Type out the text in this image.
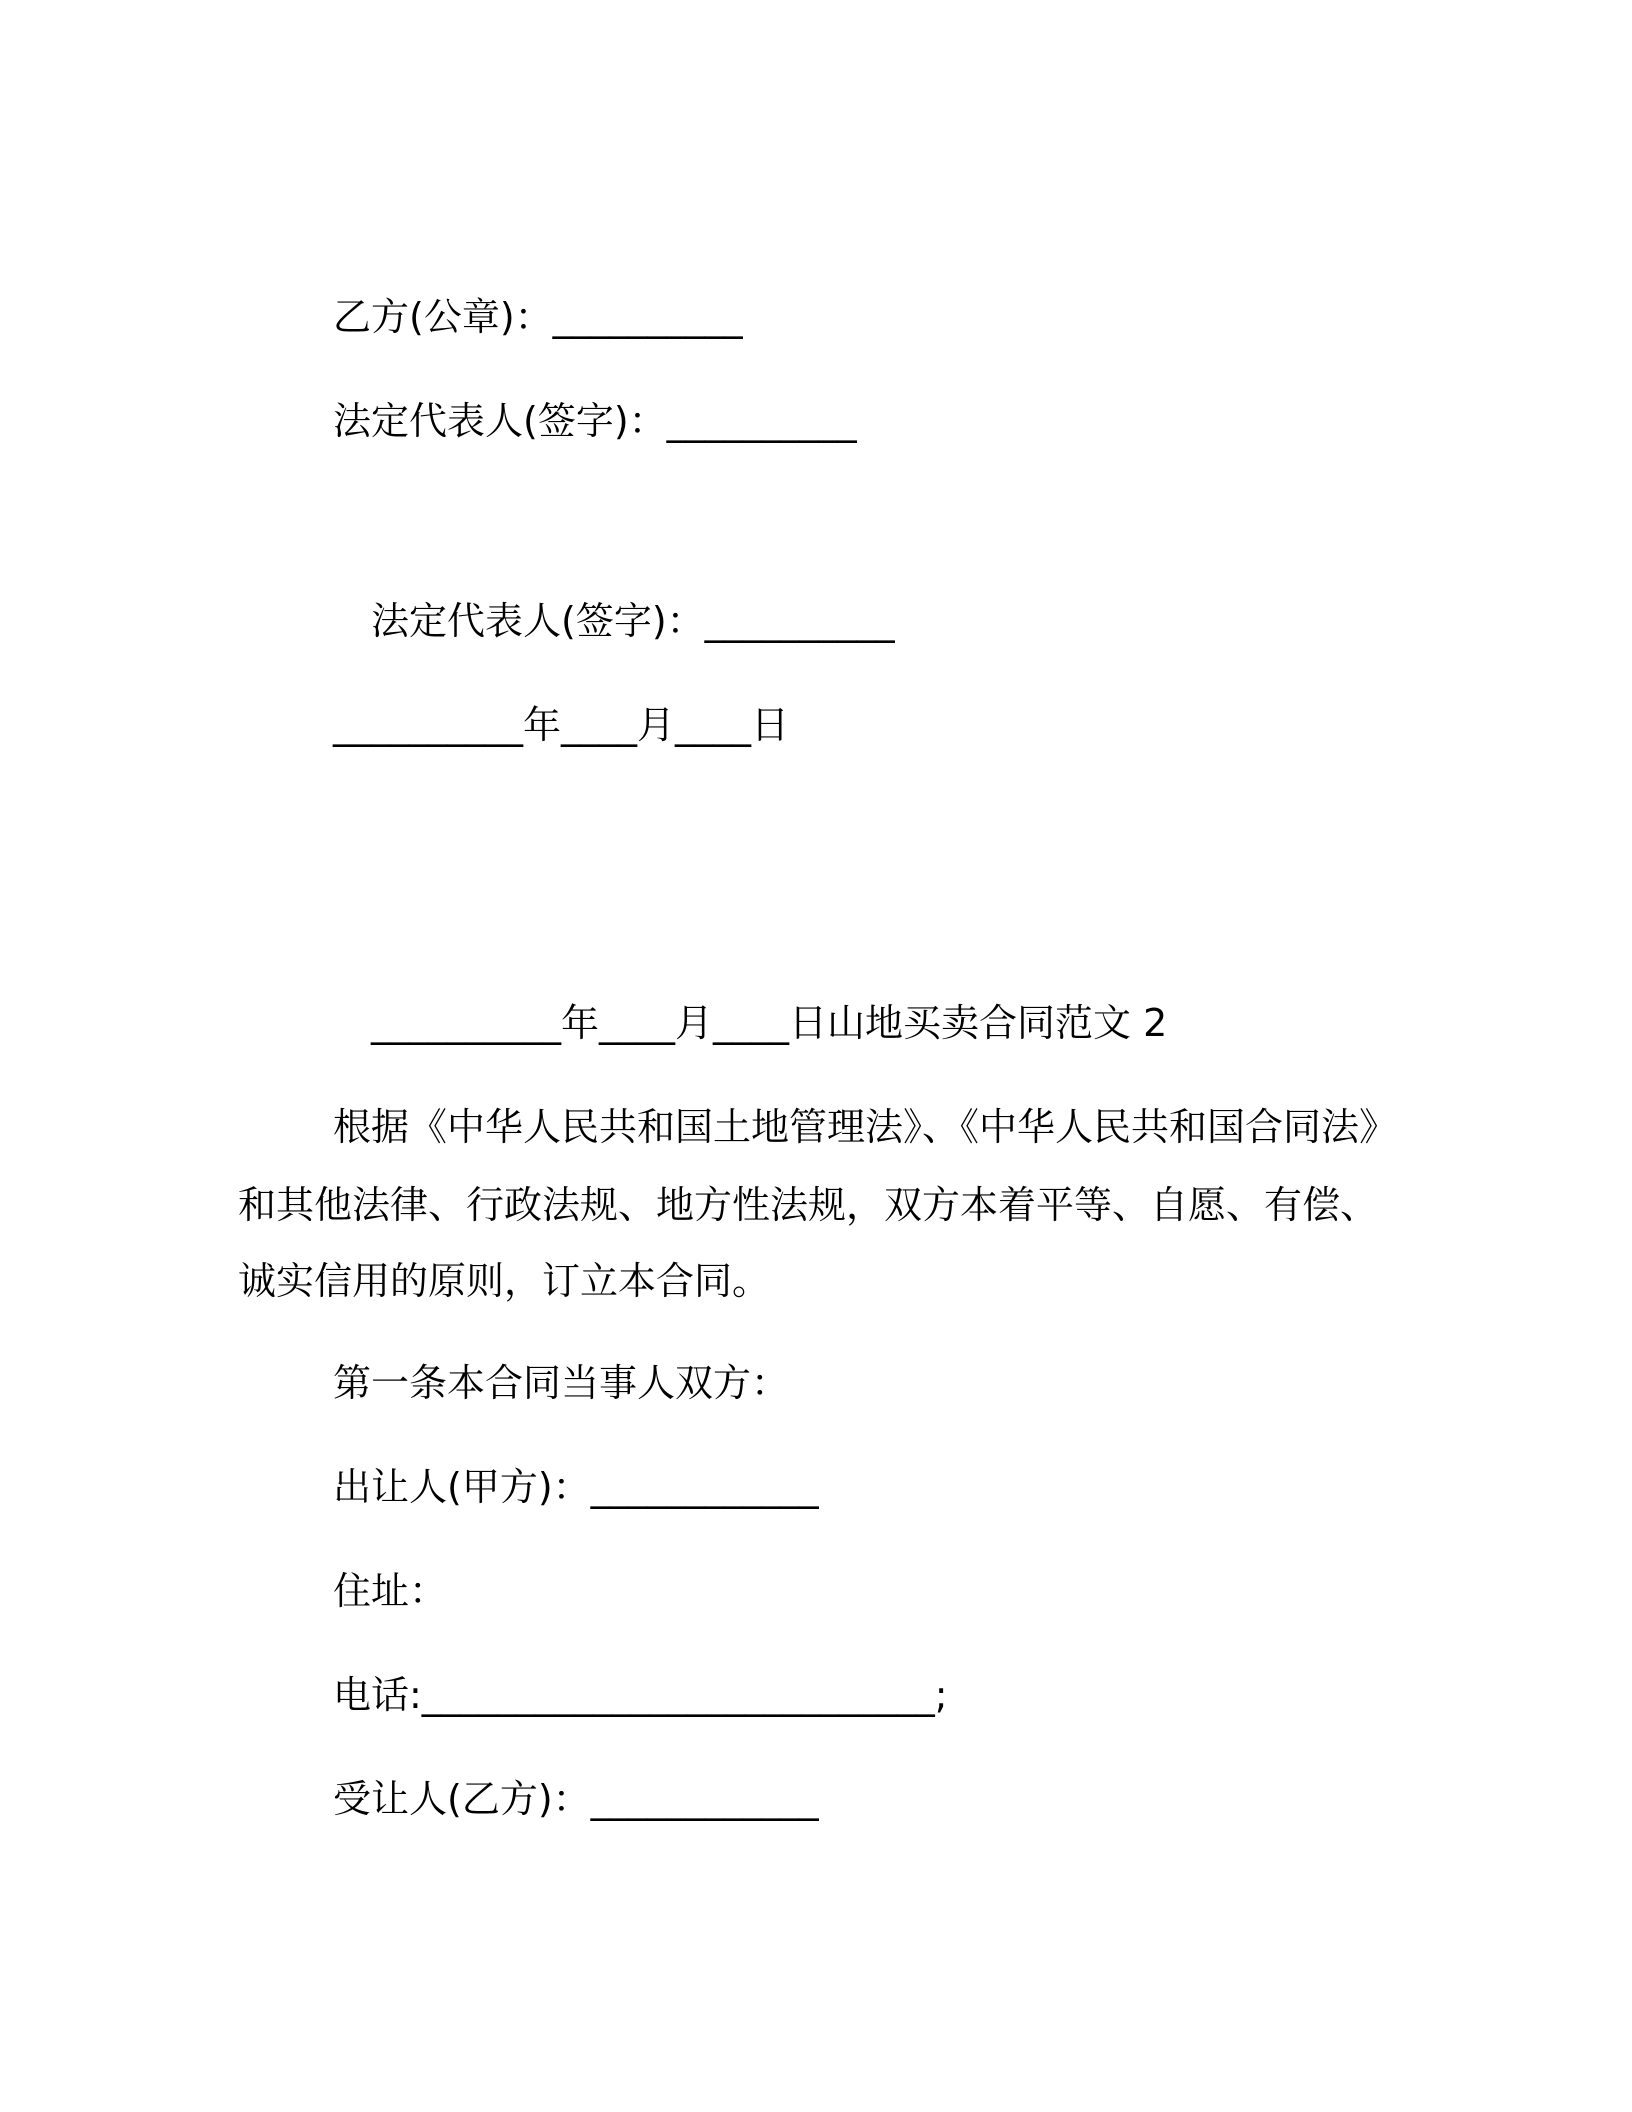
乙方(公章)：__________

法定代表人(签字)：__________

法定代表人(签字)：__________

__________年____月____日

__________年____月____日山地买卖合同范文 2

根据《中华人民共和国土地管理法》、《中华人民共和国合同法》

和其他法律、行政法规、地方性法规，双方本着平等、自愿、有偿、

诚实信用的原则，订立本合同。

第一条本合同当事人双方：

出让人(甲方)：____________

住址：

电话:___________________________;

受让人(乙方)：____________
